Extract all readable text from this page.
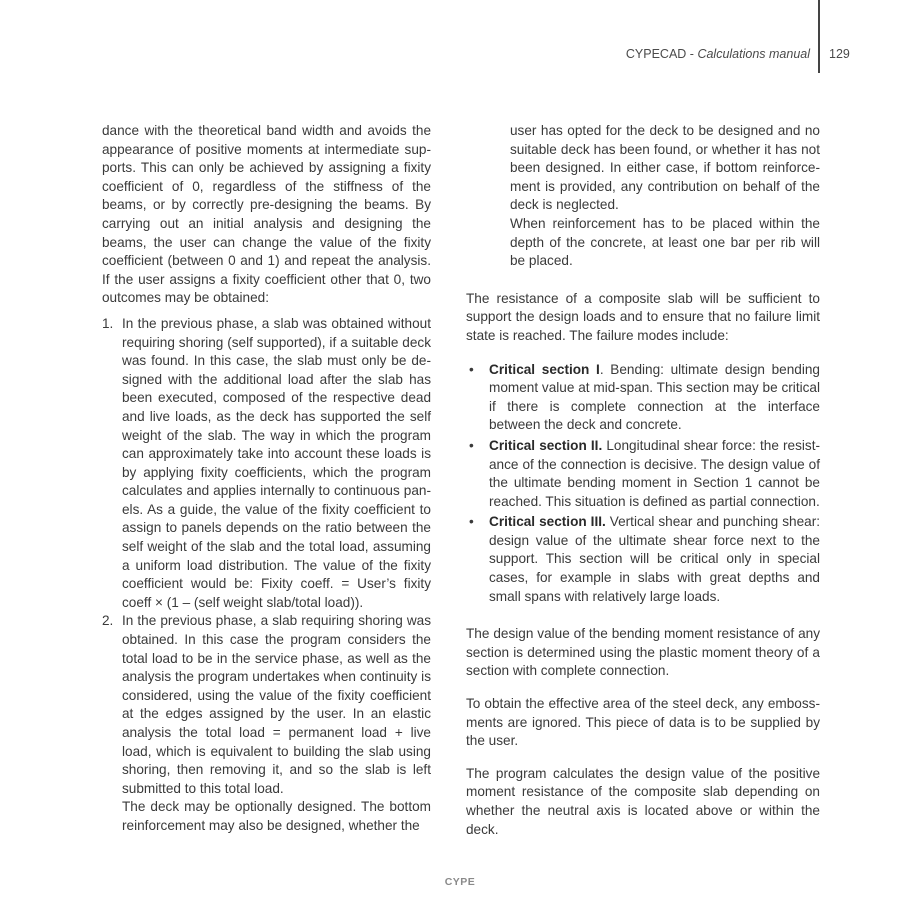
CYPECAD - Calculations manual 129

dance with the theoretical band width and avoids the appearance of positive moments at intermediate supports. This can only be achieved by assigning a fixity coefficient of 0, regardless of the stiffness of the beams, or by correctly pre-designing the beams. By carrying out an initial analysis and designing the beams, the user can change the value of the fixity coefficient (between 0 and 1) and repeat the analysis. If the user assigns a fixity coefficient other that 0, two outcomes may be obtained:

1. In the previous phase, a slab was obtained without requiring shoring (self supported), if a suitable deck was found. In this case, the slab must only be designed with the additional load after the slab has been executed, composed of the respective dead and live loads, as the deck has supported the self weight of the slab. The way in which the program can approximately take into account these loads is by applying fixity coefficients, which the program calculates and applies internally to continuous panels. As a guide, the value of the fixity coefficient to assign to panels depends on the ratio between the self weight of the slab and the total load, assuming a uniform load distribution. The value of the fixity coefficient would be: Fixity coeff. = User’s fixity coeff × (1 – (self weight slab/total load)).

2. In the previous phase, a slab requiring shoring was obtained. In this case the program considers the total load to be in the service phase, as well as the analysis the program undertakes when continuity is considered, using the value of the fixity coefficient at the edges assigned by the user. In an elastic analysis the total load = permanent load + live load, which is equivalent to building the slab using shoring, then removing it, and so the slab is left submitted to this total load.

The deck may be optionally designed. The bottom reinforcement may also be designed, whether the

user has opted for the deck to be designed and no suitable deck has been found, or whether it has not been designed. In either case, if bottom reinforcement is provided, any contribution on behalf of the deck is neglected.

When reinforcement has to be placed within the depth of the concrete, at least one bar per rib will be placed.

The resistance of a composite slab will be sufficient to support the design loads and to ensure that no failure limit state is reached. The failure modes include:

• Critical section I. Bending: ultimate design bending moment value at mid-span. This section may be critical if there is complete connection at the interface between the deck and concrete.
• Critical section II. Longitudinal shear force: the resistance of the connection is decisive. The design value of the ultimate bending moment in Section 1 cannot be reached. This situation is defined as partial connection.
• Critical section III. Vertical shear and punching shear: design value of the ultimate shear force next to the support. This section will be critical only in special cases, for example in slabs with great depths and small spans with relatively large loads.

The design value of the bending moment resistance of any section is determined using the plastic moment theory of a section with complete connection.

To obtain the effective area of the steel deck, any embossments are ignored. This piece of data is to be supplied by the user.

The program calculates the design value of the positive moment resistance of the composite slab depending on whether the neutral axis is located above or within the deck.

CYPE
